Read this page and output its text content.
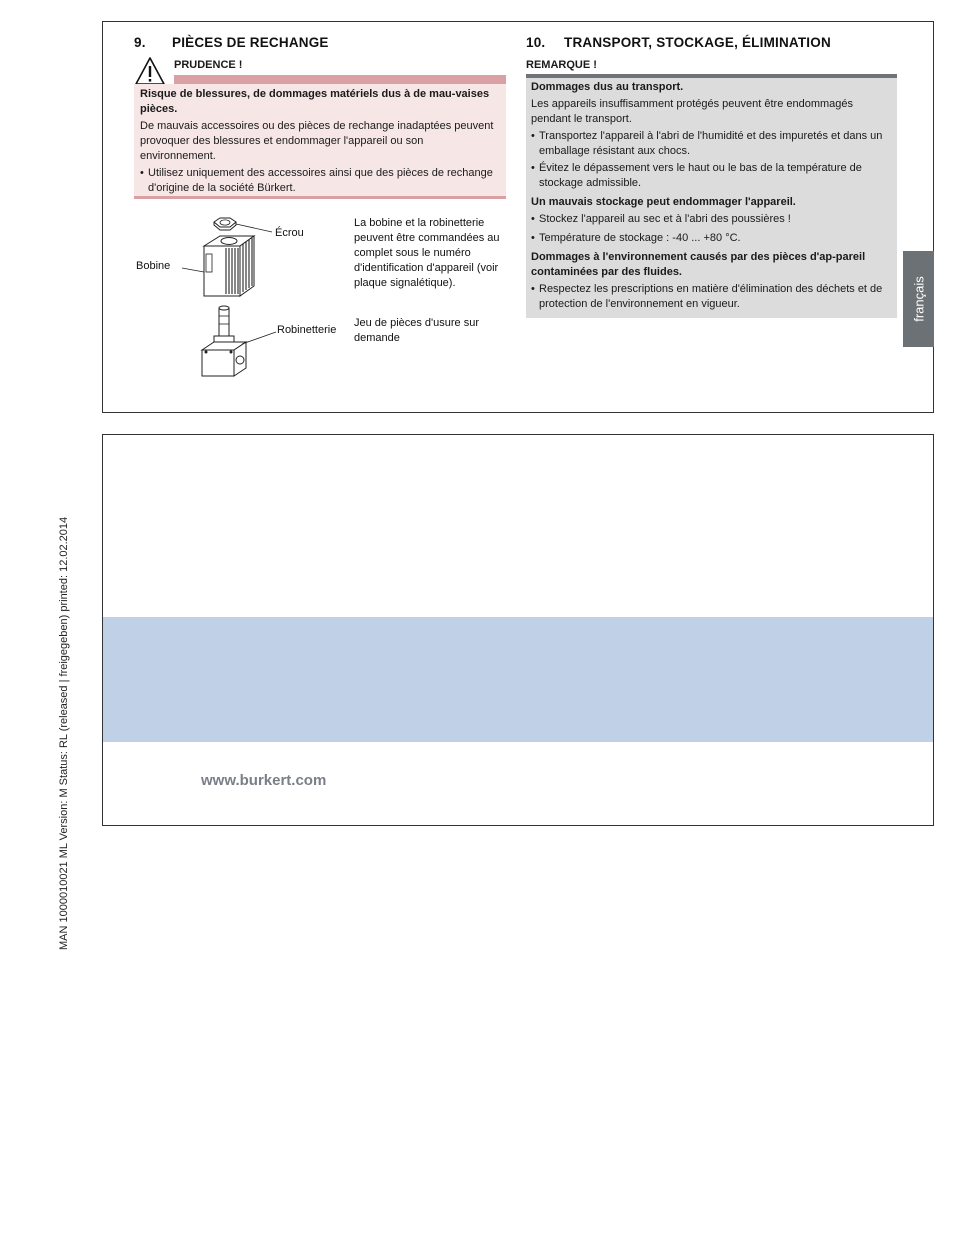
9. PIÈCES DE RECHANGE
PRUDENCE !

Risque de blessures, de dommages matériels dus à de mau-vaises pièces.

De mauvais accessoires ou des pièces de rechange inadaptées peuvent provoquer des blessures et endommager l'appareil ou son environnement.

• Utilisez uniquement des accessoires ainsi que des pièces de rechange d'origine de la société Bürkert.

Écrou
Bobine
Robinetterie
La bobine et la robinetterie peuvent être commandées au complet sous le numéro d'identification d'appareil (voir plaque signalétique).
Jeu de pièces d'usure sur demande
10. TRANSPORT, STOCKAGE, ÉLIMINATION
REMARQUE !

Dommages dus au transport.

Les appareils insuffisamment protégés peuvent être endommagés pendant le transport.

• Transportez l'appareil à l'abri de l'humidité et des impuretés et dans un emballage résistant aux chocs.

• Évitez le dépassement vers le haut ou le bas de la température de stockage admissible.

Un mauvais stockage peut endommager l'appareil.

• Stockez l'appareil au sec et à l'abri des poussières !

• Température de stockage : -40 ... +80 °C.

Dommages à l'environnement causés par des pièces d'ap-pareil contaminées par des fluides.

• Respectez les prescriptions en matière d'élimination des déchets et de protection de l'environnement en vigueur.	français
www.burkert.com
MAN 1000010021 ML Version: M Status: RL (released | freigegeben) printed: 12.02.2014
